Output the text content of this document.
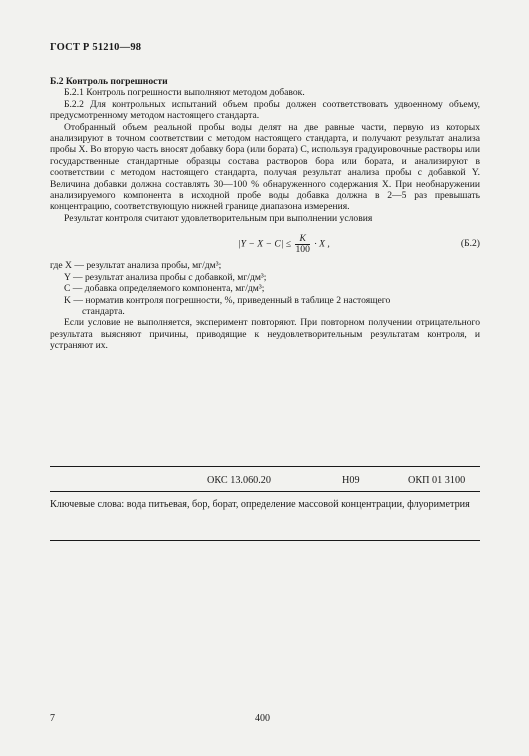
ГОСТ Р 51210—98

Б.2 Контроль погрешности

Б.2.1 Контроль погрешности выполняют методом добавок.

Б.2.2 Для контрольных испытаний объем пробы должен соответствовать удвоенному объему, предусмотренному методом настоящего стандарта.

Отобранный объем реальной пробы воды делят на две равные части, первую из которых анализируют в точном соответствии с методом настоящего стандарта, и получают результат анализа пробы X. Во вторую часть вносят добавку бора (или бората) C, используя градуировочные растворы или государственные стандартные образцы состава растворов бора или бората, и анализируют в соответствии с методом настоящего стандарта, получая результат анализа пробы с добавкой Y. Величина добавки должна составлять 30—100 % обнаруженного содержания X. При необнаружении анализируемого компонента в исходной пробе воды добавка должна в 2—5 раз превышать концентрацию, соответствующую нижней границе диапазона измерения.

Результат контроля считают удовлетворительным при выполнении условия

$|Y - X - C| \le \frac{K}{100} \cdot X$ ,	(Б.2)

где X — результат анализа пробы, мг/дм³;

Y — результат анализа пробы с добавкой, мг/дм³;

C — добавка определяемого компонента, мг/дм³;

K — норматив контроля погрешности, %, приведенный в таблице 2 настоящего

стандарта.

Если условие не выполняется, эксперимент повторяют. При повторном получении отрицательного результата выясняют причины, приводящие к неудовлетворительным результатам контроля, и устраняют их.

ОКС 13.060.20	Н09	ОКП 01 3100
Ключевые слова: вода питьевая, бор, борат, определение массовой концентрации, флуориметрия
7	400
